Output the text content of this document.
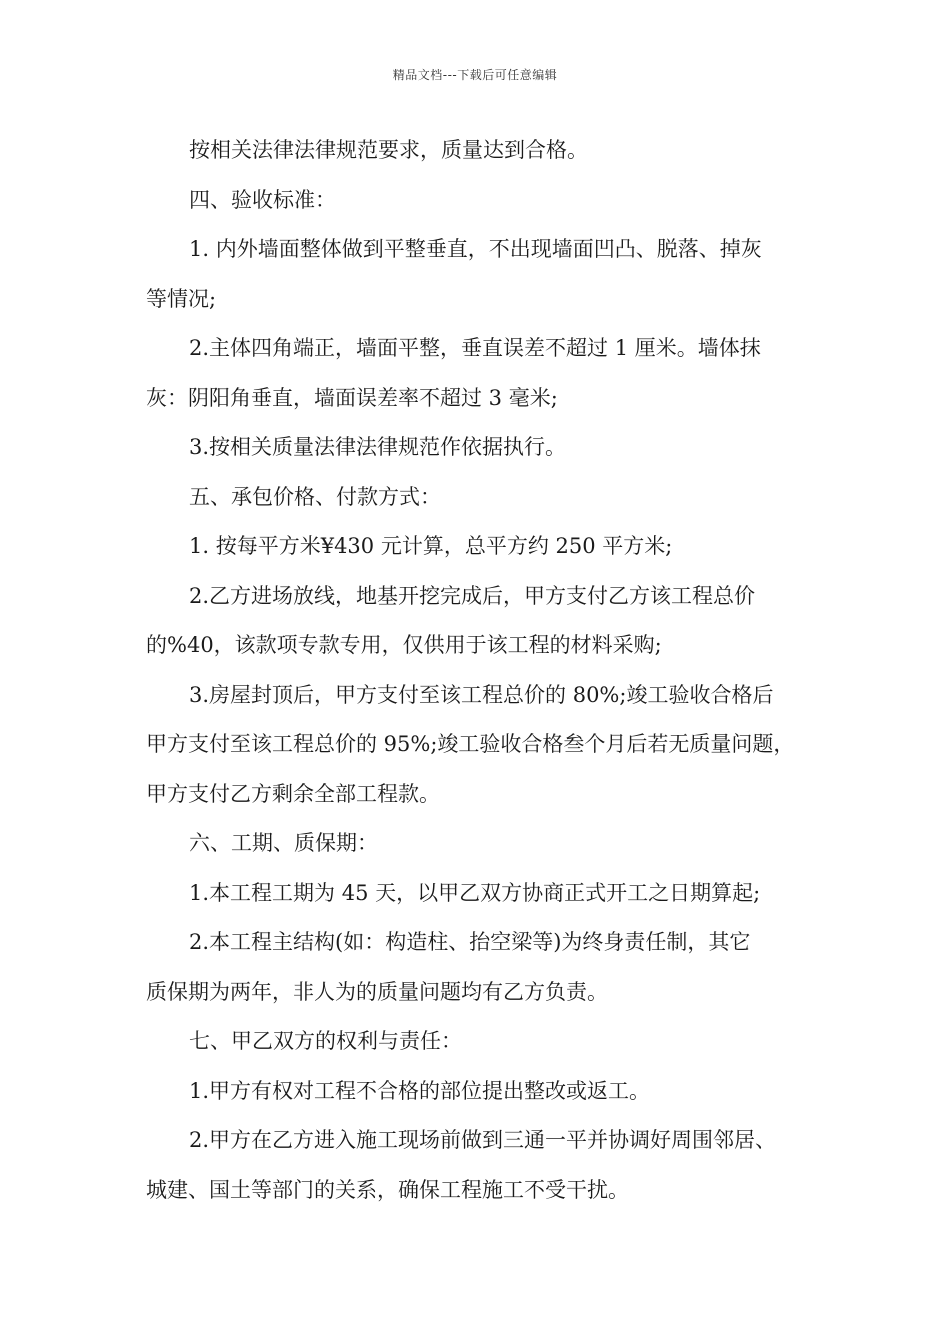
精品文档---下载后可任意编辑
按相关法律法律规范要求，质量达到合格。
四、验收标准：
1. 内外墙面整体做到平整垂直，不出现墙面凹凸、脱落、掉灰
等情况;
2.主体四角端正，墙面平整，垂直误差不超过 1 厘米。墙体抹
灰：阴阳角垂直，墙面误差率不超过 3 毫米;
3.按相关质量法律法律规范作依据执行。
五、承包价格、付款方式：
1. 按每平方米¥430 元计算，总平方约 250 平方米;
2.乙方进场放线，地基开挖完成后，甲方支付乙方该工程总价
的%40，该款项专款专用，仅供用于该工程的材料采购;
3.房屋封顶后，甲方支付至该工程总价的 80%;竣工验收合格后
甲方支付至该工程总价的 95%;竣工验收合格叁个月后若无质量问题，
甲方支付乙方剩余全部工程款。
六、工期、质保期：
1.本工程工期为 45 天，以甲乙双方协商正式开工之日期算起;
2.本工程主结构(如：构造柱、抬空梁等)为终身责任制，其它
质保期为两年，非人为的质量问题均有乙方负责。
七、甲乙双方的权利与责任：
1.甲方有权对工程不合格的部位提出整改或返工。
2.甲方在乙方进入施工现场前做到三通一平并协调好周围邻居、
城建、国土等部门的关系，确保工程施工不受干扰。
